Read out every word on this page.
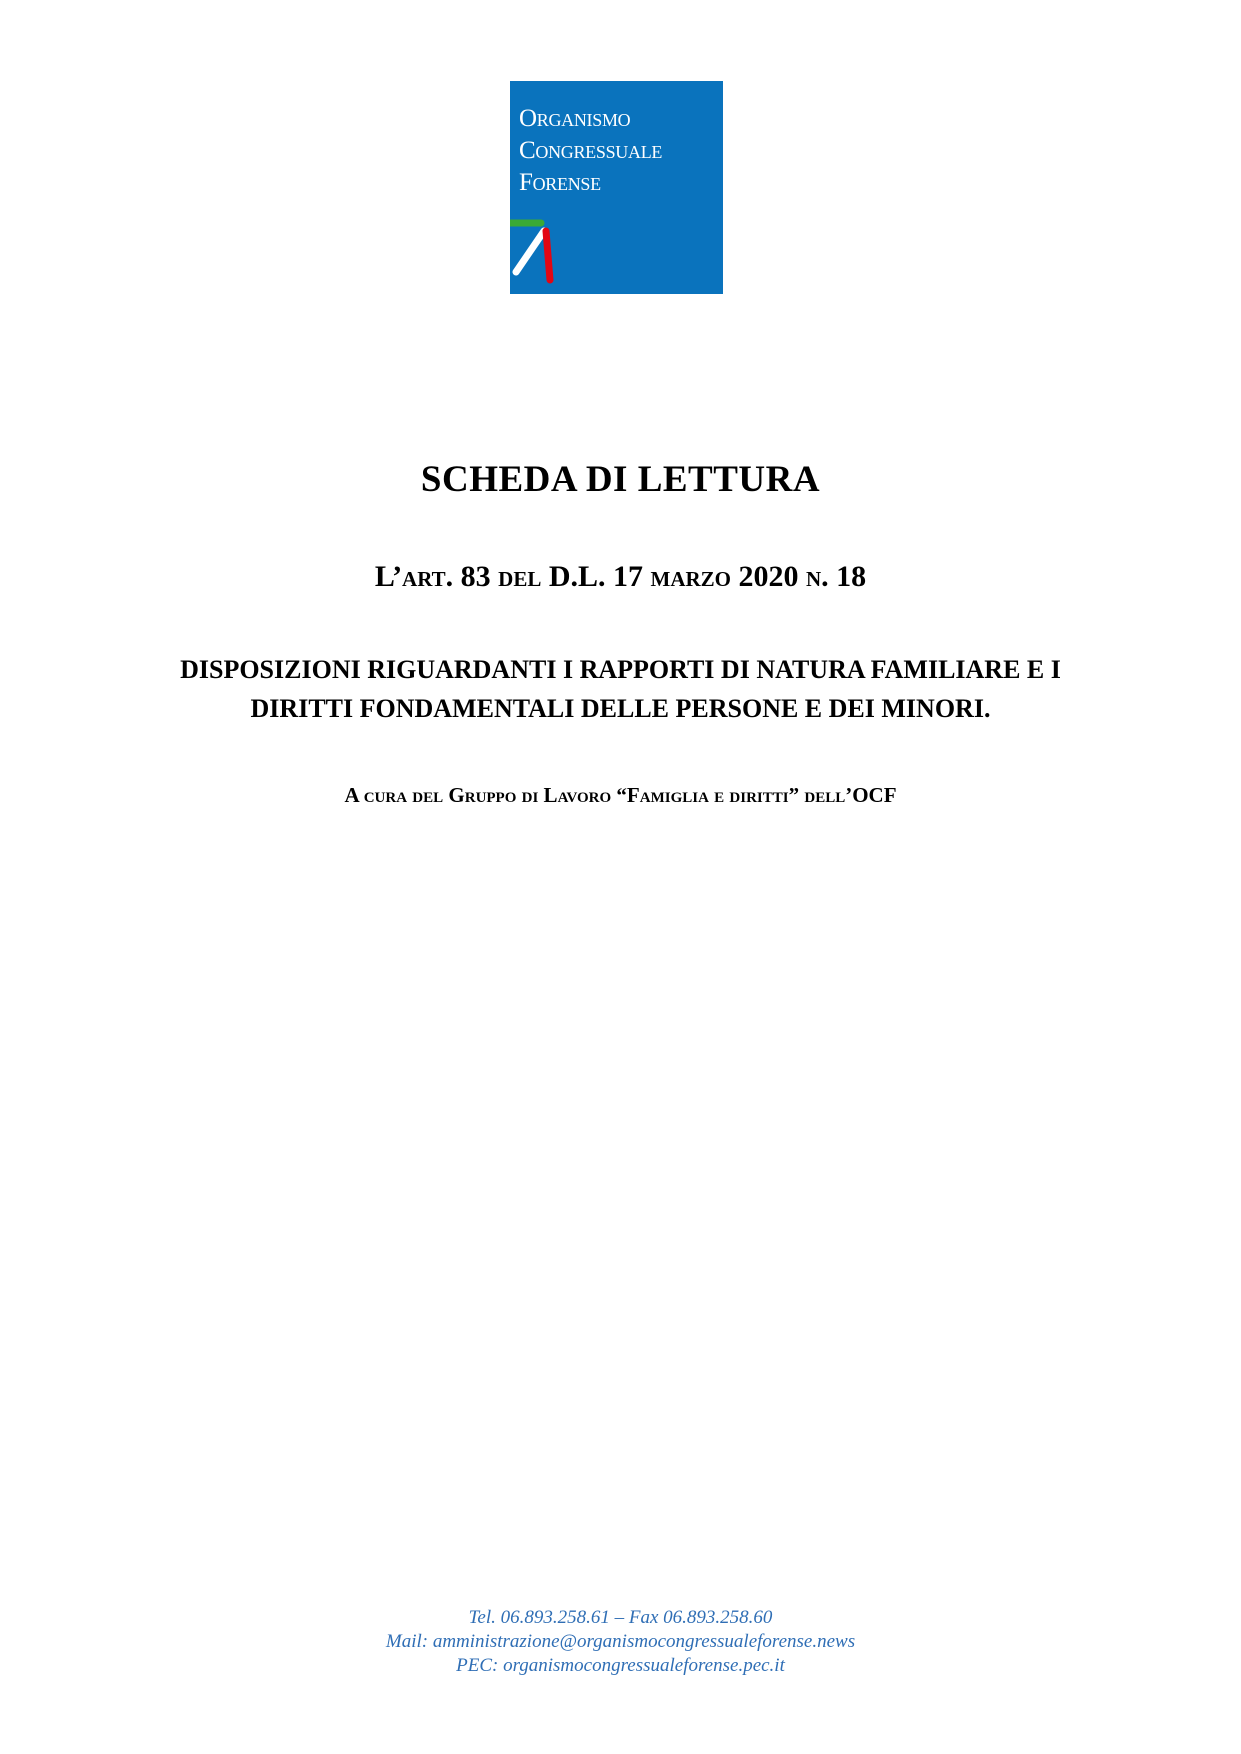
Organismo
Congressuale
Forense
SCHEDA DI LETTURA
L’art. 83 del D.L. 17 marzo 2020 n. 18
DISPOSIZIONI RIGUARDANTI I RAPPORTI DI NATURA FAMILIARE E I
DIRITTI FONDAMENTALI DELLE PERSONE E DEI MINORI.
A cura del Gruppo di Lavoro “Famiglia e diritti” dell’OCF
Tel. 06.893.258.61 – Fax 06.893.258.60
Mail: amministrazione@organismocongressualeforense.news
PEC: organismocongressualeforense.pec.it
